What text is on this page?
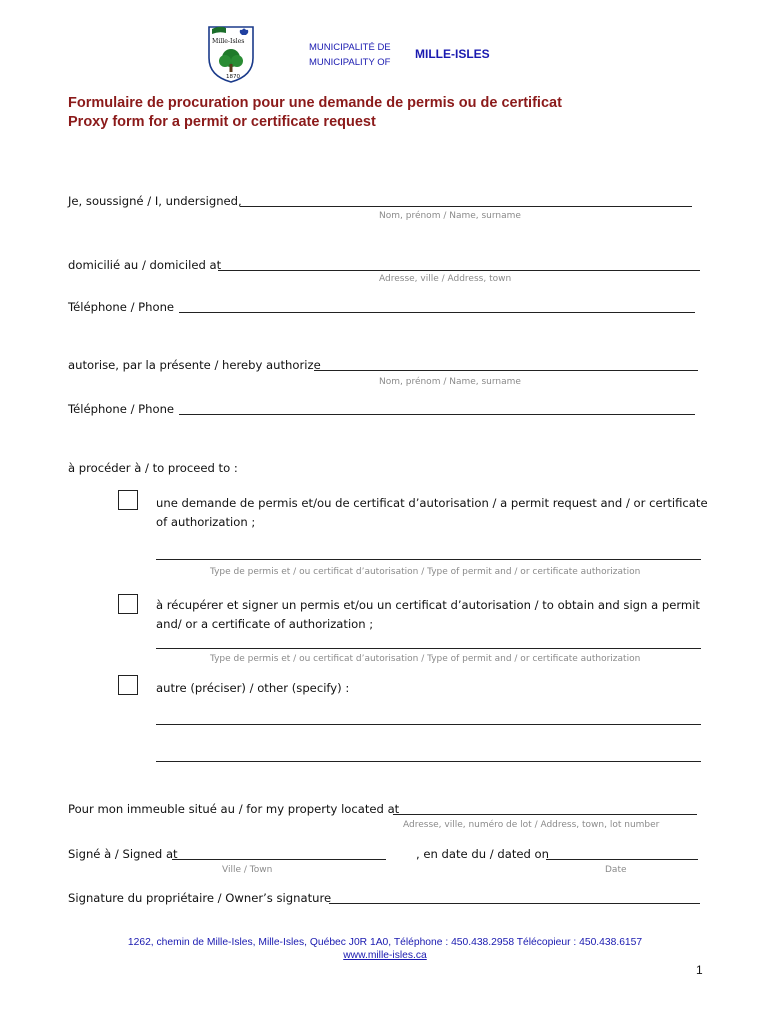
Mille-Isles
1870
MUNICIPALITÉ DE
MUNICIPALITY OF
MILLE-ISLES
Formulaire de procuration pour une demande de permis ou de certificat
Proxy form for a permit or certificate request
Je, soussigné / I, undersigned,
Nom, prénom / Name, surname
domicilié au / domiciled at
Adresse, ville / Address, town
Téléphone / Phone
autorise, par la présente / hereby authorize
Nom, prénom / Name, surname
Téléphone / Phone
à procéder à / to proceed to :
une demande de permis et/ou de certificat d’autorisation / a permit request and / or certificate
of authorization ;
Type de permis et / ou certificat d’autorisation / Type of permit and / or certificate authorization
à récupérer et signer un permis et/ou un certificat d’autorisation / to obtain and sign a permit
and/ or a certificate of authorization ;
Type de permis et / ou certificat d’autorisation / Type of permit and / or certificate authorization
autre (préciser) / other (specify) :
Pour mon immeuble situé au / for my property located at
Adresse, ville, numéro de lot / Address, town, lot number
Signé à / Signed at
Ville / Town
, en date du / dated on
Date
Signature du propriétaire / Owner’s signature
1262, chemin de Mille-Isles, Mille-Isles, Québec J0R 1A0, Téléphone : 450.438.2958 Télécopieur : 450.438.6157
www.mille-isles.ca
1
